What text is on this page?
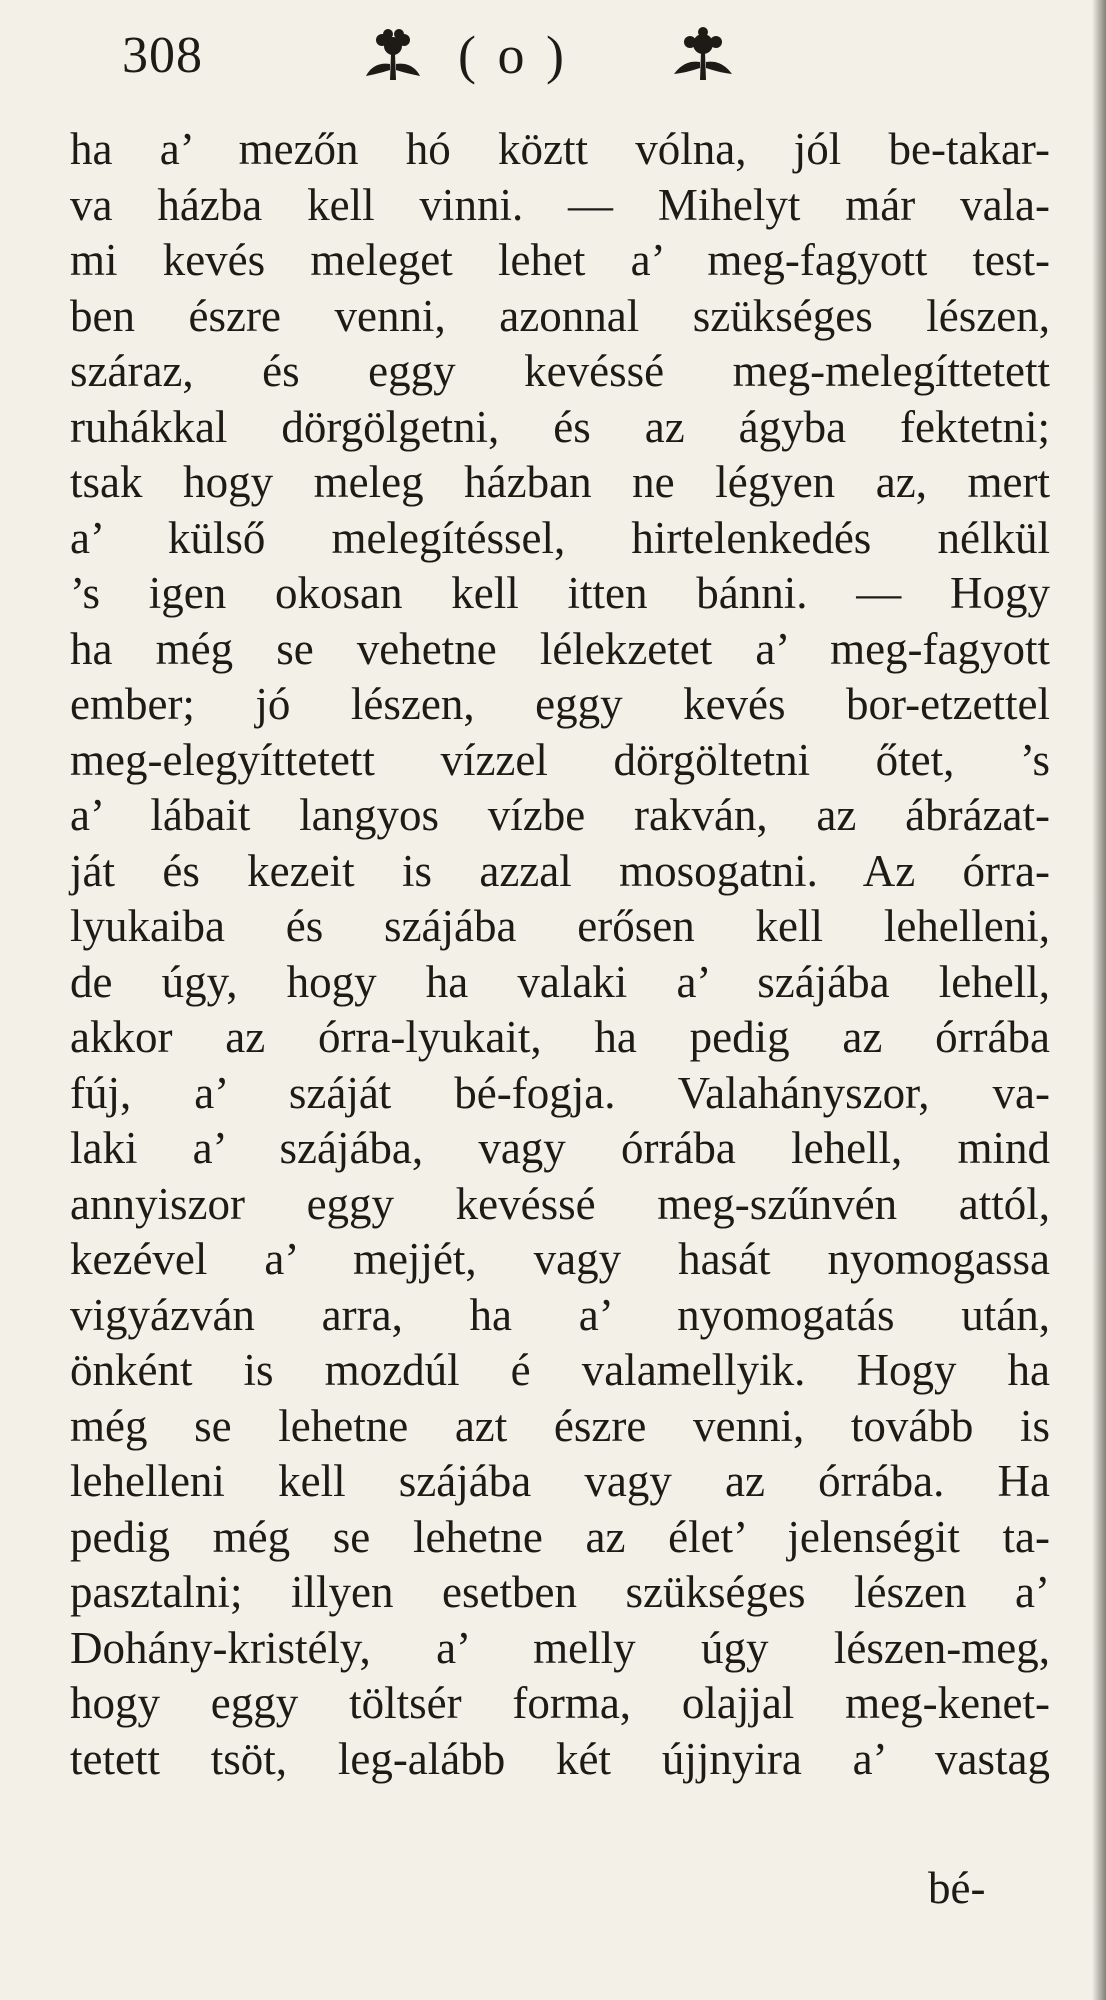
308	( o )
ha a’ mezőn hó köztt vólna, jól be-takar-
va házba kell vinni. — Mihelyt már vala-
mi kevés meleget lehet a’ meg-fagyott test-
ben észre venni, azonnal szükséges lészen,
száraz, és eggy kevéssé meg-melegíttetett
ruhákkal dörgölgetni, és az ágyba fektetni;
tsak hogy meleg házban ne légyen az, mert
a’ külső melegítéssel, hirtelenkedés nélkül
’s igen okosan kell itten bánni. — Hogy
ha még se vehetne lélekzetet a’ meg-fagyott
ember; jó lészen, eggy kevés bor-etzettel
meg-elegyíttetett vízzel dörgöltetni őtet, ’s
a’ lábait langyos vízbe rakván, az ábrázat-
ját és kezeit is azzal mosogatni. Az órra-
lyukaiba és szájába erősen kell lehelleni,
de úgy, hogy ha valaki a’ szájába lehell,
akkor az órra-lyukait, ha pedig az órrába
fúj, a’ száját bé-fogja. Valahányszor, va-
laki a’ szájába, vagy órrába lehell, mind
annyiszor eggy kevéssé meg-szűnvén attól,
kezével a’ mejjét, vagy hasát nyomogassa
vigyázván arra, ha a’ nyomogatás után,
önként is mozdúl é valamellyik. Hogy ha
még se lehetne azt észre venni, tovább is
lehelleni kell szájába vagy az órrába. Ha
pedig még se lehetne az élet’ jelenségit ta-
pasztalni; illyen esetben szükséges lészen a’
Dohány-kristély, a’ melly úgy lészen-meg,
hogy eggy töltsér forma, olajjal meg-kenet-
tetett tsöt, leg-alább két újjnyira a’ vastag
bé-
